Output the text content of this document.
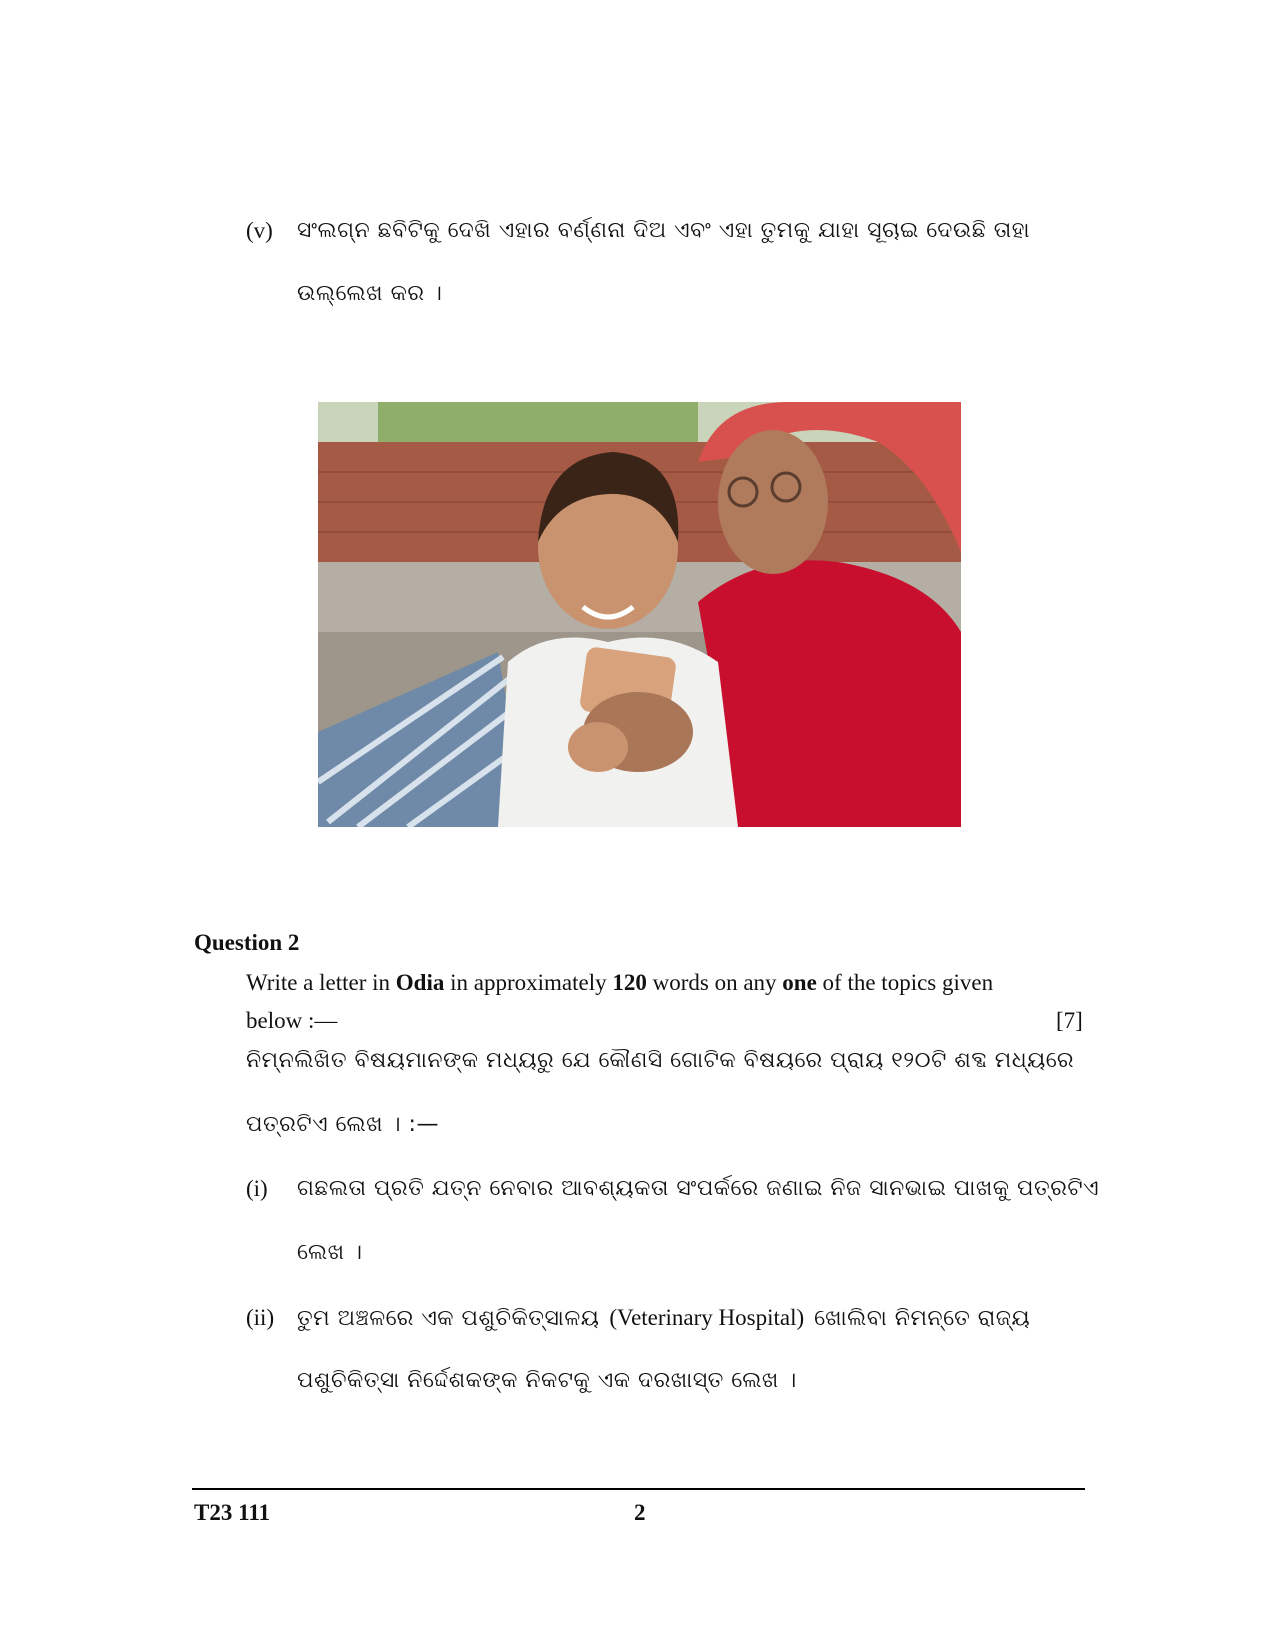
(v) ସଂଲଗ୍ନ ଛବିଟିକୁ ଦେଖି ଏହାର ବର୍ଣ୍ଣନା ଦିଅ ଏବଂ ଏହା ତୁମକୁ ଯାହା ସୂଚାଇ ଦେଉଛି ତାହା
ଉଲ୍ଲେଖ କର ।
Question 2
Write a letter in Odia in approximately 120 words on any one of the topics given
below :—	[7]
ନିମ୍ନଲିଖିତ ବିଷୟମାନଙ୍କ ମଧ୍ୟରୁ ଯେ କୌଣସି ଗୋଟିକ ବିଷୟରେ ପ୍ରାୟ ୧୨୦ଟି ଶବ୍ଦ ମଧ୍ୟରେ
ପତ୍ରଟିଏ ଲେଖ । :—
(i) ଗଛଲତା ପ୍ରତି ଯତ୍ନ ନେବାର ଆବଶ୍ୟକତା ସଂପର୍କରେ ଜଣାଇ ନିଜ ସାନଭାଇ ପାଖକୁ ପତ୍ରଟିଏ
ଲେଖ ।
(ii) ତୁମ ଅଞ୍ଚଳରେ ଏକ ପଶୁଚିକିତ୍ସାଳୟ (Veterinary Hospital) ଖୋଲିବା ନିମନ୍ତେ ରାଜ୍ୟ
ପଶୁଚିକିତ୍ସା ନିର୍ଦ୍ଦେଶକଙ୍କ ନିକଟକୁ ଏକ ଦରଖାସ୍ତ ଲେଖ ।
T23 111	2
